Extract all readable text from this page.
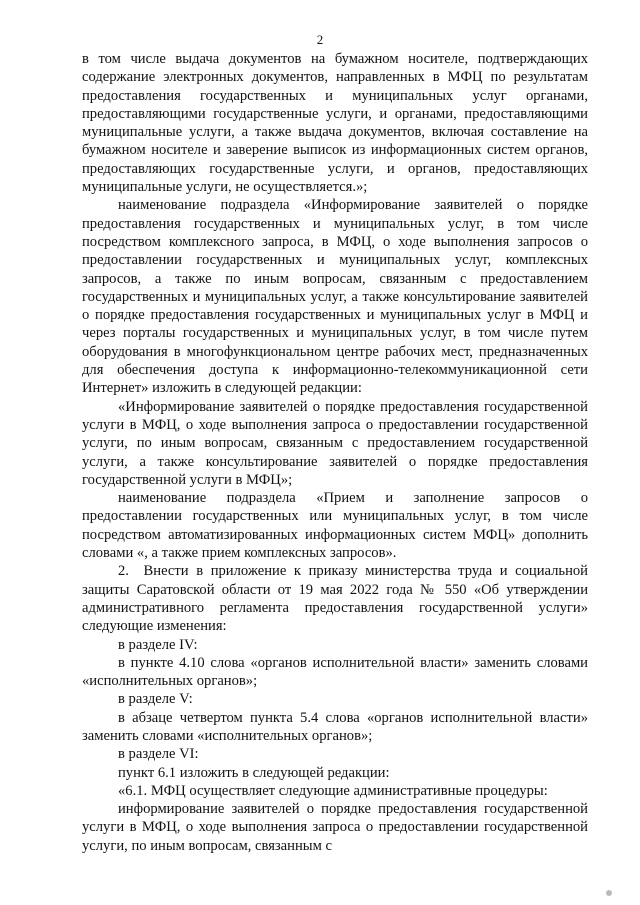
2

в том числе выдача документов на бумажном носителе, подтверждающих содержание электронных документов, направленных в МФЦ по результатам предоставления государственных и муниципальных услуг органами, предоставляющими государственные услуги, и органами, предоставляющими муниципальные услуги, а также выдача документов, включая составление на бумажном носителе и заверение выписок из информационных систем органов, предоставляющих государственные услуги, и органов, предоставляющих муниципальные услуги, не осуществляется.»;

наименование подраздела «Информирование заявителей о порядке предоставления государственных и муниципальных услуг, в том числе посредством комплексного запроса, в МФЦ, о ходе выполнения запросов о предоставлении государственных и муниципальных услуг, комплексных запросов, а также по иным вопросам, связанным с предоставлением государственных и муниципальных услуг, а также консультирование заявителей о порядке предоставления государственных и муниципальных услуг в МФЦ и через порталы государственных и муниципальных услуг, в том числе путем оборудования в многофункциональном центре рабочих мест, предназначенных для обеспечения доступа к информационно-телекоммуникационной сети Интернет» изложить в следующей редакции:

«Информирование заявителей о порядке предоставления государственной услуги в МФЦ, о ходе выполнения запроса о предоставлении государственной услуги, по иным вопросам, связанным с предоставлением государственной услуги, а также консультирование заявителей о порядке предоставления государственной услуги в МФЦ»;

наименование подраздела «Прием и заполнение запросов о предоставлении государственных или муниципальных услуг, в том числе посредством автоматизированных информационных систем МФЦ» дополнить словами «, а также прием комплексных запросов».

2. Внести в приложение к приказу министерства труда и социальной защиты Саратовской области от 19 мая 2022 года № 550 «Об утверждении административного регламента предоставления государственной услуги» следующие изменения:

в разделе IV:

в пункте 4.10 слова «органов исполнительной власти» заменить словами «исполнительных органов»;

в разделе V:

в абзаце четвертом пункта 5.4 слова «органов исполнительной власти» заменить словами «исполнительных органов»;

в разделе VI:

пункт 6.1 изложить в следующей редакции:

«6.1. МФЦ осуществляет следующие административные процедуры:

информирование заявителей о порядке предоставления государственной услуги в МФЦ, о ходе выполнения запроса о предоставлении государственной услуги, по иным вопросам, связанным с
